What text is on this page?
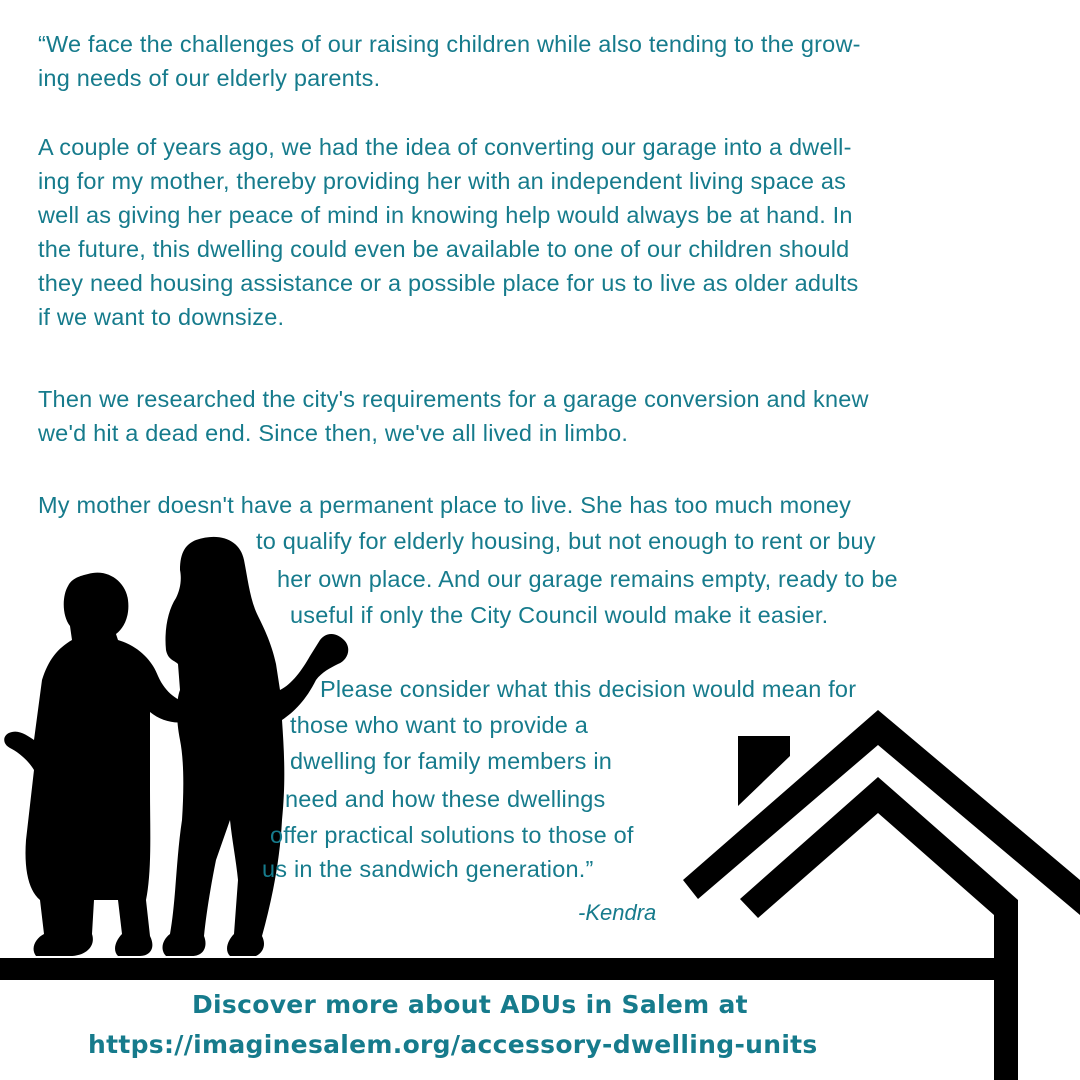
“We face the challenges of our raising children while also tending to the grow-
ing needs of our elderly parents.
A couple of years ago, we had the idea of converting our garage into a dwell-
ing for my mother, thereby providing her with an independent living space as
well as giving her peace of mind in knowing help would always be at hand. In
the future, this dwelling could even be available to one of our children should
they need housing assistance or a possible place for us to live as older adults
if we want to downsize.
Then we researched the city's requirements for a garage conversion and knew
we'd hit a dead end. Since then, we've all lived in limbo.
My mother doesn't have a permanent place to live. She has too much money
to qualify for elderly housing, but not enough to rent or buy
her own place. And our garage remains empty, ready to be
useful if only the City Council would make it easier.
Please consider what this decision would mean for
those who want to provide a
dwelling for family members in
need and how these dwellings
offer practical solutions to those of
us in the sandwich generation.”
-Kendra
Discover more about ADUs in Salem at
https://imaginesalem.org/accessory-dwelling-units
